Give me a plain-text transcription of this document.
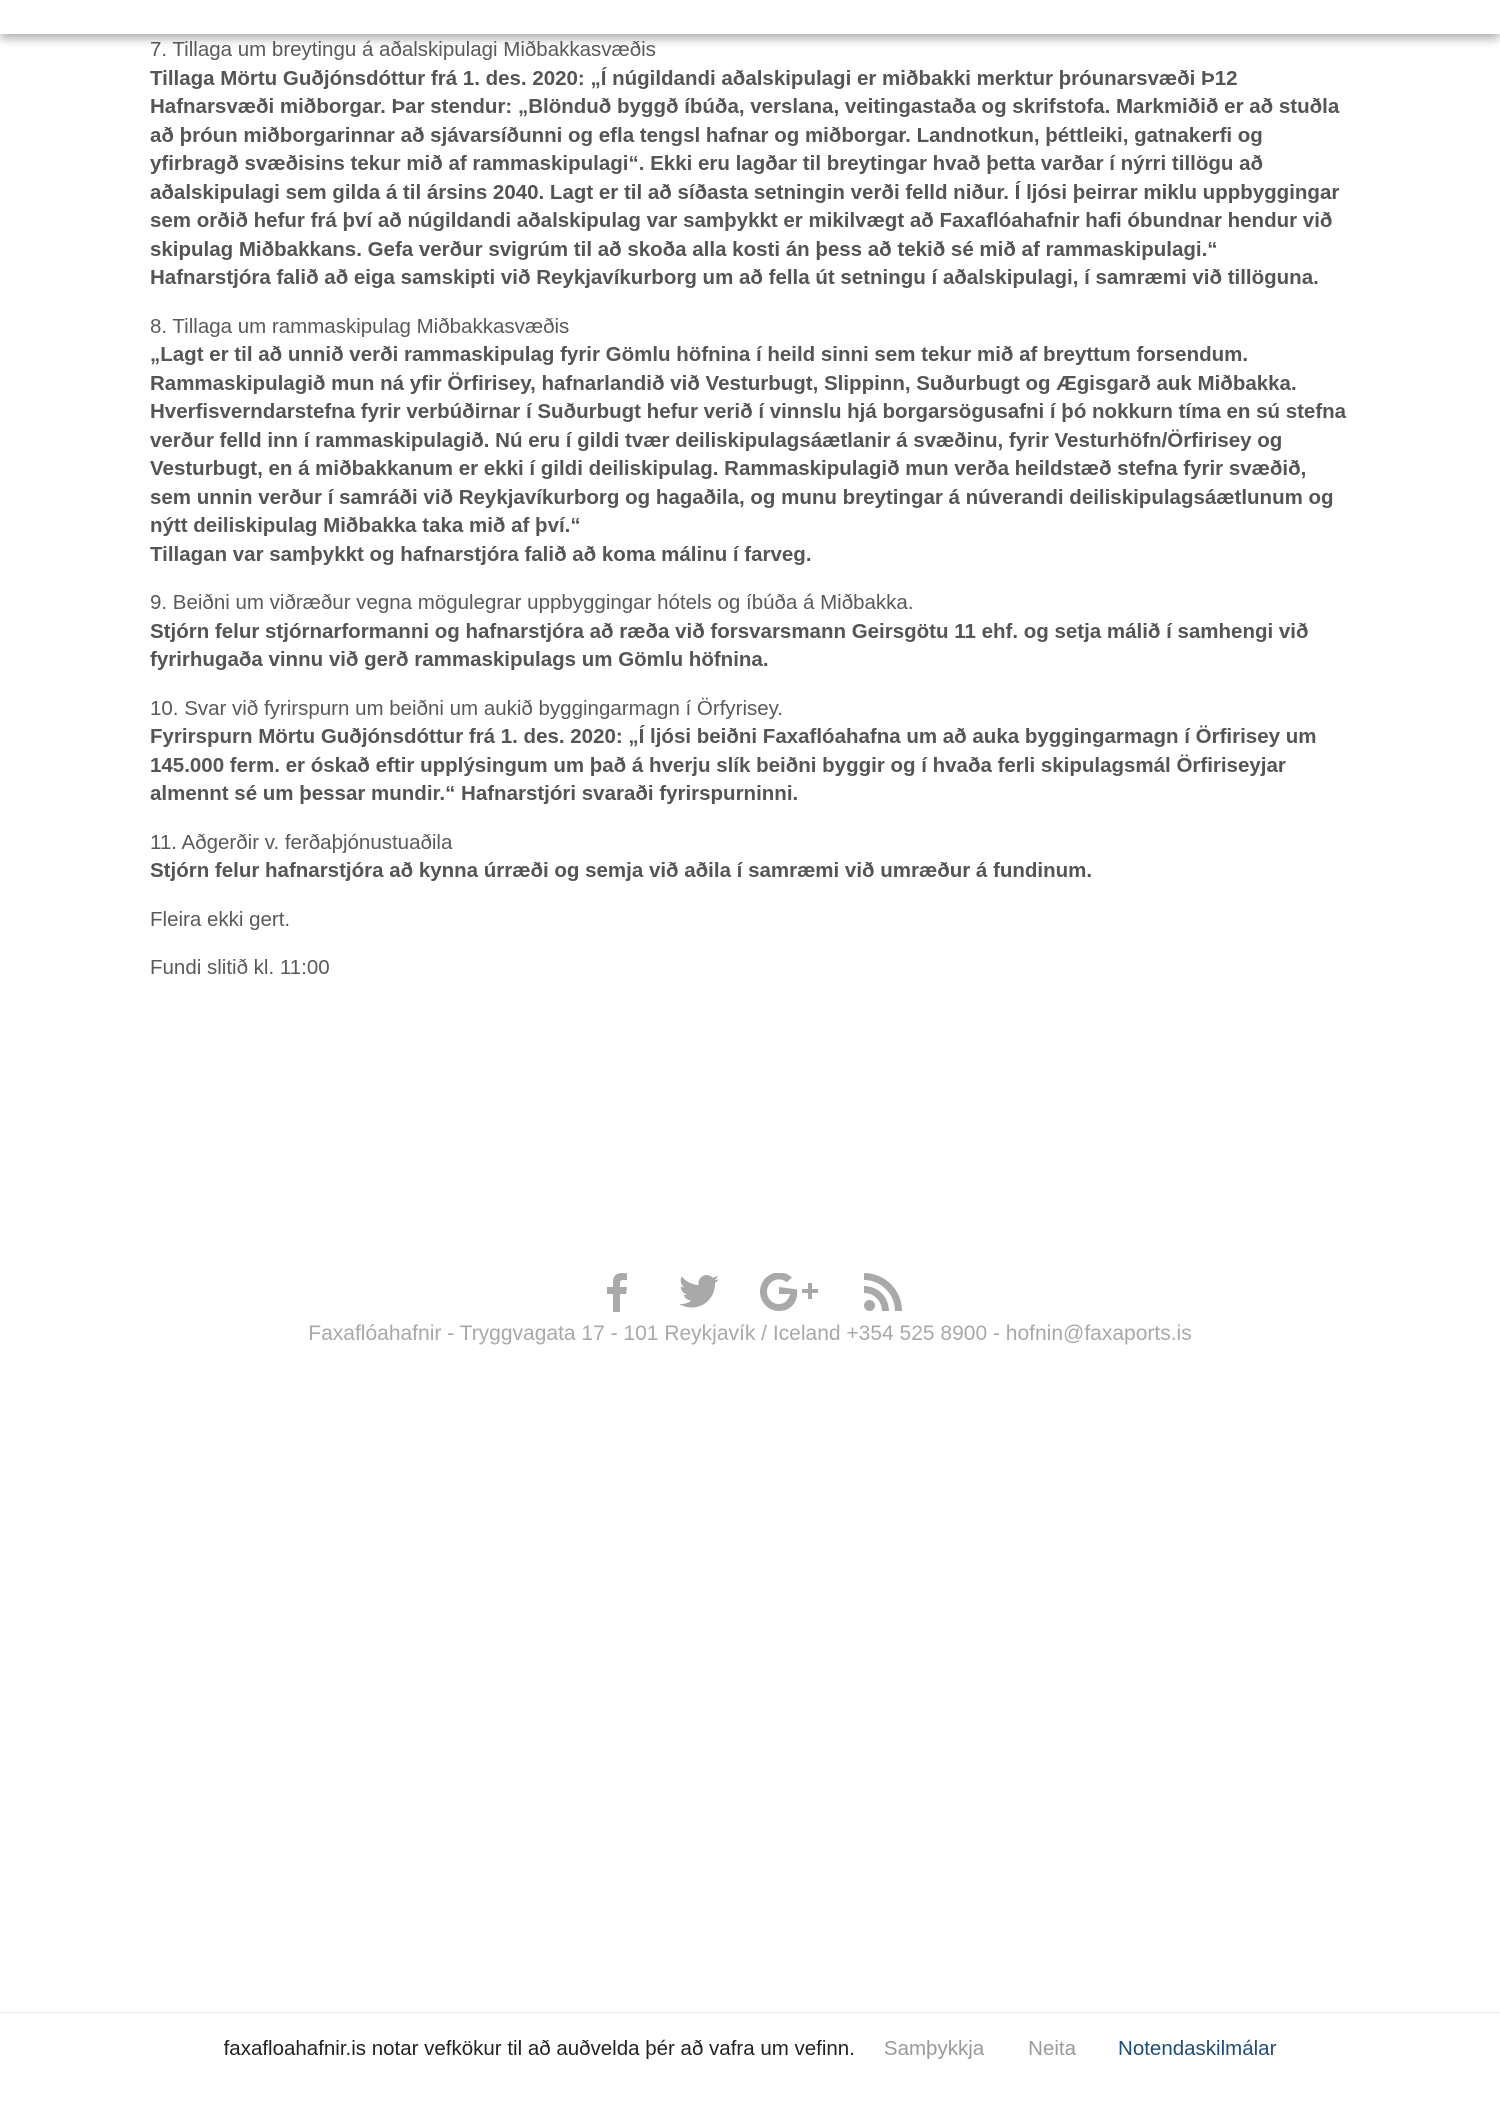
7. Tillaga um breytingu á aðalskipulagi Miðbakkasvæðis
Tillaga Mörtu Guðjónsdóttur frá 1. des. 2020: „Í núgildandi aðalskipulagi er miðbakki merktur þróunarsvæði Þ12 Hafnarsvæði miðborgar. Þar stendur: „Blönduð byggð íbúða, verslana, veitingastaða og skrifstofa. Markmiðið er að stuðla að þróun miðborgarinnar að sjávarsíðunni og efla tengsl hafnar og miðborgar. Landnotkun, þéttleiki, gatnakerfi og yfirbragð svæðisins tekur mið af rammaskipulagi“. Ekki eru lagðar til breytingar hvað þetta varðar í nýrri tillögu að aðalskipulagi sem gilda á til ársins 2040. Lagt er til að síðasta setningin verði felld niður. Í ljósi þeirrar miklu uppbyggingar sem orðið hefur frá því að núgildandi aðalskipulag var samþykkt er mikilvægt að Faxaflóahafnir hafi óbundnar hendur við skipulag Miðbakkans. Gefa verður svigrúm til að skoða alla kosti án þess að tekið sé mið af rammaskipulagi.“
Hafnarstjóra falið að eiga samskipti við Reykjavíkurborg um að fella út setningu í aðalskipulagi, í samræmi við tillöguna.
8. Tillaga um rammaskipulag Miðbakkasvæðis
„Lagt er til að unnið verði rammaskipulag fyrir Gömlu höfnina í heild sinni sem tekur mið af breyttum forsendum. Rammaskipulagið mun ná yfir Örfirisey, hafnarlandið við Vesturbugt, Slippinn, Suðurbugt og Ægisgarð auk Miðbakka. Hverfisverndarstefna fyrir verbúðirnar í Suðurbugt hefur verið í vinnslu hjá borgarsögusafni í þó nokkurn tíma en sú stefna verður felld inn í rammaskipulagið. Nú eru í gildi tvær deiliskipulagsáætlanir á svæðinu, fyrir Vesturhöfn/Örfirisey og Vesturbugt, en á miðbakkanum er ekki í gildi deiliskipulag. Rammaskipulagið mun verða heildstæð stefna fyrir svæðið, sem unnin verður í samráði við Reykjavíkurborg og hagaðila, og munu breytingar á núverandi deiliskipulagsáætlunum og nýtt deiliskipulag Miðbakka taka mið af því.“
Tillagan var samþykkt og hafnarstjóra falið að koma málinu í farveg.
9. Beiðni um viðræður vegna mögulegrar uppbyggingar hótels og íbúða á Miðbakka.
Stjórn felur stjórnarformanni og hafnarstjóra að ræða við forsvarsmann Geirsgötu 11 ehf. og setja málið í samhengi við fyrirhugaða vinnu við gerð rammaskipulags um Gömlu höfnina.
10. Svar við fyrirspurn um beiðni um aukið byggingarmagn í Örfyrisey.
Fyrirspurn Mörtu Guðjónsdóttur frá 1. des. 2020: „Í ljósi beiðni Faxaflóahafna um að auka byggingarmagn í Örfirisey um 145.000 ferm. er óskað eftir upplýsingum um það á hverju slík beiðni byggir og í hvaða ferli skipulagsmál Örfiriseyjar almennt sé um þessar mundir.“ Hafnarstjóri svaraði fyrirspurninni.
11. Aðgerðir v. ferðaþjónustuaðila
Stjórn felur hafnarstjóra að kynna úrræði og semja við aðila í samræmi við umræður á fundinum.

Fleira ekki gert.

Fundi slitið kl. 11:00

Faxaflóahafnir - Tryggvagata 17 - 101 Reykjavík / Iceland +354 525 8900 - hofnin@faxaports.is
faxafloahafnir.is notar vefkökur til að auðvelda þér að vafra um vefinn. Samþykkja Neita Notendaskilmálar
